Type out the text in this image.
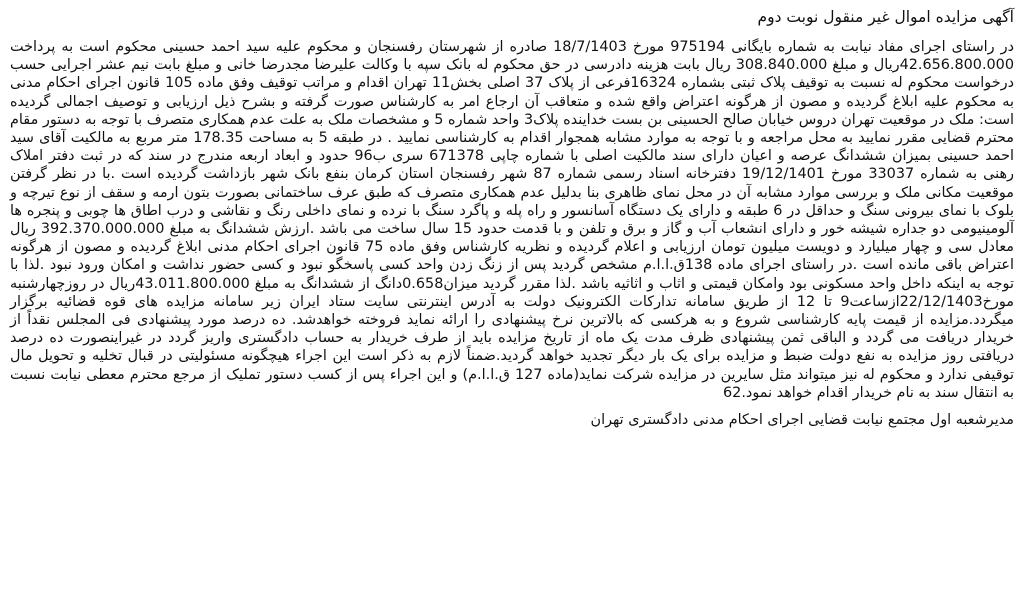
آگهی مزایده اموال غیر منقول نوبت دوم

در راستای اجرای مفاد نیابت به شماره بایگانی 975194 مورخ 18/7/1403 صادره از شهرستان رفسنجان و محکوم علیه سید احمد حسینی محکوم است به پرداخت 42.656.800.000ریال و مبلغ 308.840.000 ریال بابت هزینه دادرسی در حق محکوم له بانک سپه با وکالت علیرضا مجدرضا خانی و مبلغ بابت نیم عشر اجرایی حسب درخواست محکوم له نسبت به توقیف پلاک ثبتی بشماره 16324فرعی از پلاک 37 اصلی بخش11 تهران اقدام و مراتب توقیف وفق ماده 105 قانون اجرای احکام مدنی به محکوم علیه ابلاغ گردیده و مصون از هرگونه اعتراض واقع شده و متعاقب آن ارجاع امر به کارشناس صورت گرفته و بشرح ذیل ارزیابی و توصیف اجمالی گردیده است: ملک در موقعیت تهران دروس خیابان صالح الحسینی بن بست خداینده پلاک3 واحد شماره 5 و مشخصات ملک به علت عدم همکاری متصرف با توجه به دستور مقام محترم قضایی مقرر نمایید به محل مراجعه و با توجه به موارد مشابه همجوار اقدام به کارشناسی نمایید . در طبقه 5 به مساحت 178.35 متر مربع به مالکیت آقای سید احمد حسینی بمیزان ششدانگ عرصه و اعیان دارای سند مالکیت اصلی با شماره چاپی 671378 سری ب96 حدود و ابعاد اربعه مندرج در سند که در ثبت دفتر املاک رهنی به شماره 33037 مورخ 19/12/1401 دفترخانه اسناد رسمی شماره 87 شهر رفسنجان استان کرمان بنفع بانک شهر بازداشت گردیده است .با در نظر گرفتن موقعیت مکانی ملک و بررسی موارد مشابه آن در محل نمای ظاهری بنا بدلیل عدم همکاری متصرف که طبق عرف ساختمانی بصورت بتون ارمه و سقف از نوع تیرچه و بلوک با نمای بیرونی سنگ و حداقل در 6 طبقه و دارای یک دستگاه آسانسور و راه پله و پاگرد سنگ با نرده و نمای داخلی رنگ و نقاشی و درب اطاق ها چوبی و پنجره ها آلومینیومی دو جداره شیشه خور و دارای انشعاب آب و گاز و برق و تلفن و با قدمت حدود 15 سال ساخت می باشد .ارزش ششدانگ به مبلغ 392.370.000.000 ریال معادل سی و چهار میلیارد و دویست میلیون تومان ارزیابی و اعلام گردیده و نظریه کارشناس وفق ماده 75 قانون اجرای احکام مدنی ابلاغ گردیده و مصون از هرگونه اعتراض باقی مانده است .در راستای اجرای ماده 138ق.ا.ا.م مشخص گردید پس از زنگ زدن واحد کسی پاسخگو نبود و کسی حضور نداشت و امکان ورود نبود .لذا با توجه به اینکه داخل واحد مسکونی بود وامکان قیمتی و اثاب و اثاثیه باشد .لذا مقرر گردید میزان0.658دانگ از ششدانگ به مبلغ 43.011.800.000ریال در روزچهارشنبه مورخ22/12/1403ازساعت9 تا 12 از طریق سامانه تدارکات الکترونیک دولت به آدرس اینترنتی سایت ستاد ایران زیر سامانه مزایده های قوه قضائیه برگزار میگردد.مزایده از قیمت پایه کارشناسی شروع و به هرکسی که بالاترین نرخ پیشنهادی را ارائه نماید فروخته خواهدشد. ده درصد مورد پیشنهادی فی المجلس نقداً از خریدار دریافت می گردد و الباقی ثمن پیشنهادی ظرف مدت یک ماه از تاریخ مزایده باید از طرف خریدار به حساب دادگستری واریز گردد در غیراینصورت ده درصد دریافتی روز مزایده به نفع دولت ضبط و مزایده برای یک بار دیگر تجدید خواهد گردید.ضمناً لازم به ذکر است این اجراء هیچگونه مسئولیتی در قبال تخلیه و تحویل مال توقیفی ندارد و محکوم له نیز میتواند مثل سایرین در مزایده شرکت نماید(ماده 127 ق.ا.ا.م) و این اجراء پس از کسب دستور تملیک از مرجع محترم معطی نیابت نسبت به انتقال سند به نام خریدار اقدام خواهد نمود.62

مدیرشعبه اول مجتمع نیابت قضایی اجرای احکام مدنی دادگستری تهران
